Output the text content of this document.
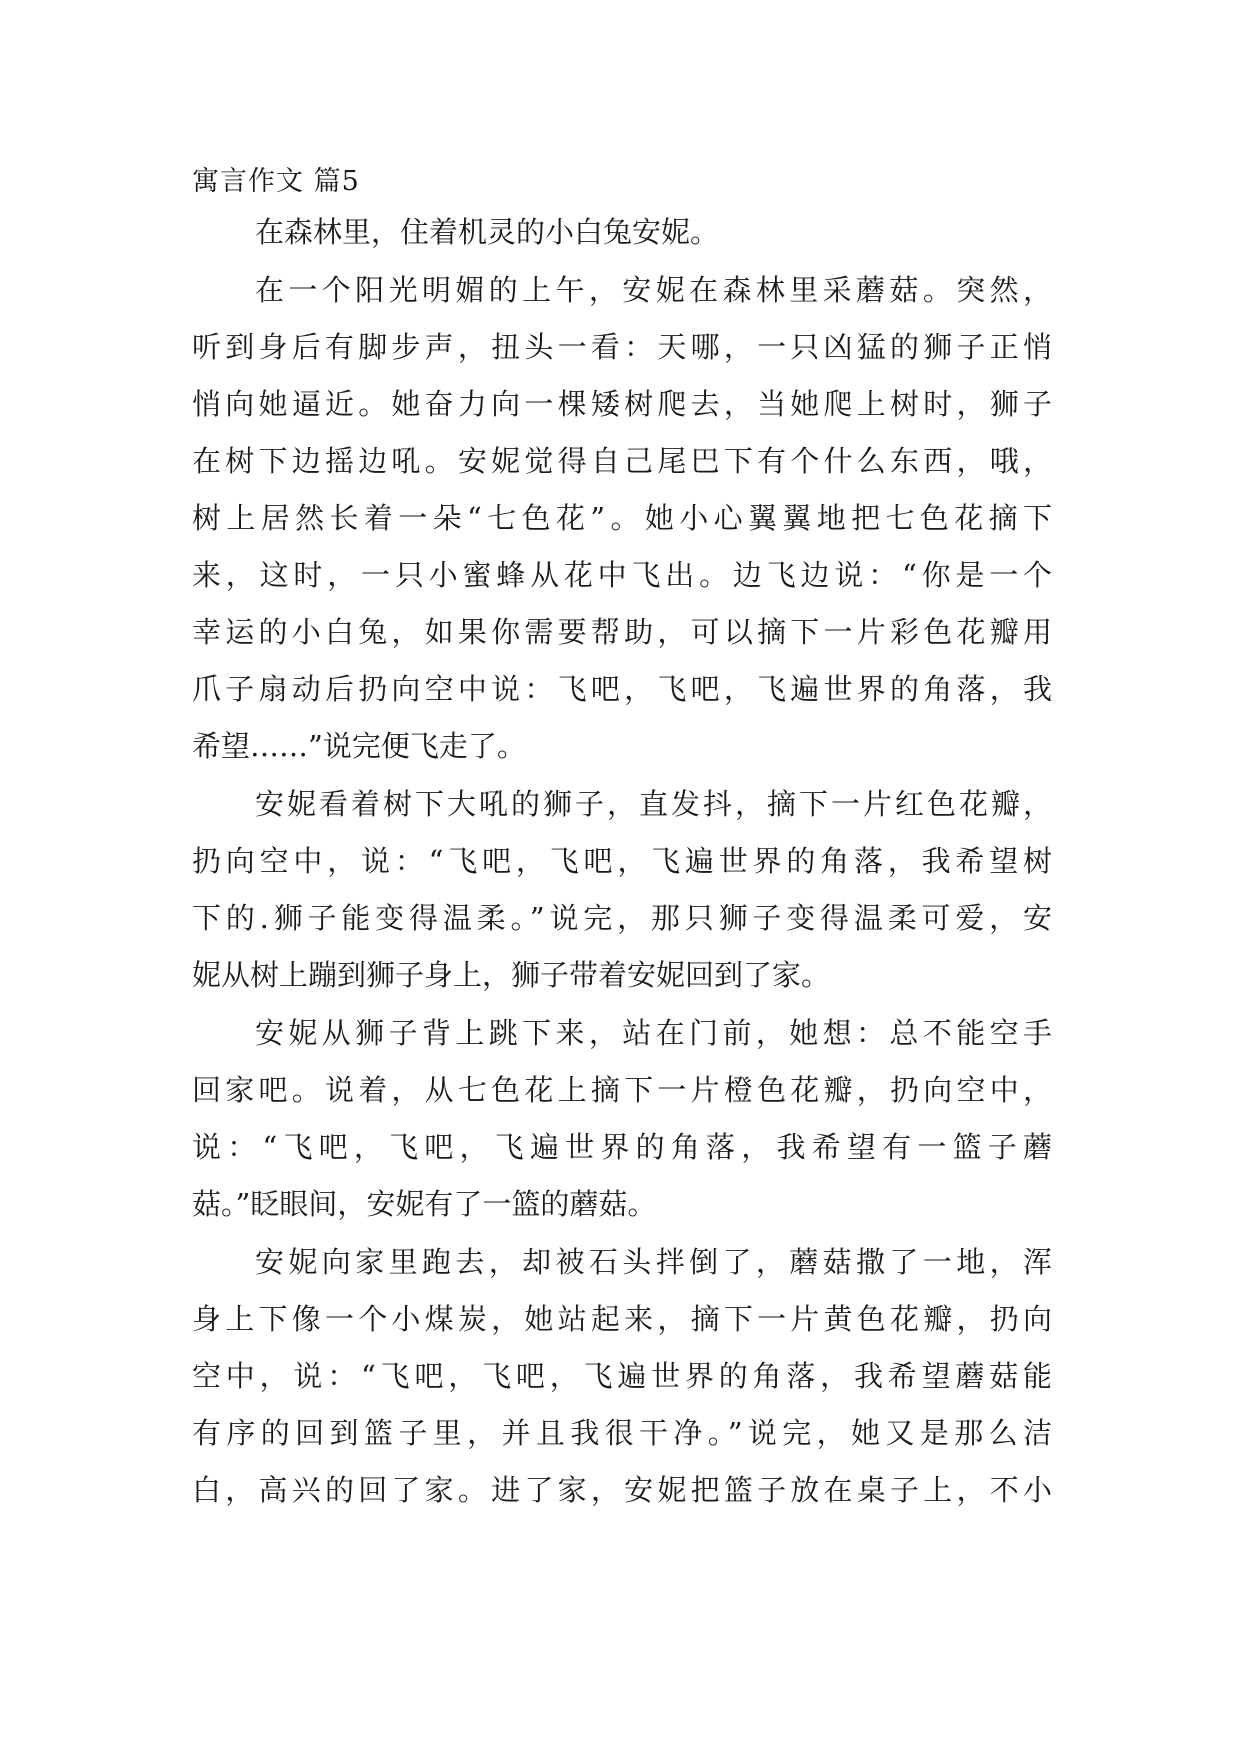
寓言作文 篇5
在森林里，住着机灵的小白兔安妮。
在一个阳光明媚的上午，安妮在森林里采蘑菇。突然，
听到身后有脚步声，扭头一看：天哪，一只凶猛的狮子正悄
悄向她逼近。她奋力向一棵矮树爬去，当她爬上树时，狮子
在树下边摇边吼。安妮觉得自己尾巴下有个什么东西，哦，
树上居然长着一朵“七色花”。她小心翼翼地把七色花摘下
来，这时，一只小蜜蜂从花中飞出。边飞边说：“你是一个
幸运的小白兔，如果你需要帮助，可以摘下一片彩色花瓣用
爪子扇动后扔向空中说：飞吧，飞吧，飞遍世界的角落，我
希望……”说完便飞走了。
安妮看着树下大吼的狮子，直发抖，摘下一片红色花瓣，
扔向空中，说：“飞吧，飞吧，飞遍世界的角落，我希望树
下的.狮子能变得温柔。”说完，那只狮子变得温柔可爱，安
妮从树上蹦到狮子身上，狮子带着安妮回到了家。
安妮从狮子背上跳下来，站在门前，她想：总不能空手
回家吧。说着，从七色花上摘下一片橙色花瓣，扔向空中，
说：“飞吧，飞吧，飞遍世界的角落，我希望有一篮子蘑
菇。”眨眼间，安妮有了一篮的蘑菇。
安妮向家里跑去，却被石头拌倒了，蘑菇撒了一地，浑
身上下像一个小煤炭，她站起来，摘下一片黄色花瓣，扔向
空中，说：“飞吧，飞吧，飞遍世界的角落，我希望蘑菇能
有序的回到篮子里，并且我很干净。”说完，她又是那么洁
白，高兴的回了家。进了家，安妮把篮子放在桌子上，不小
